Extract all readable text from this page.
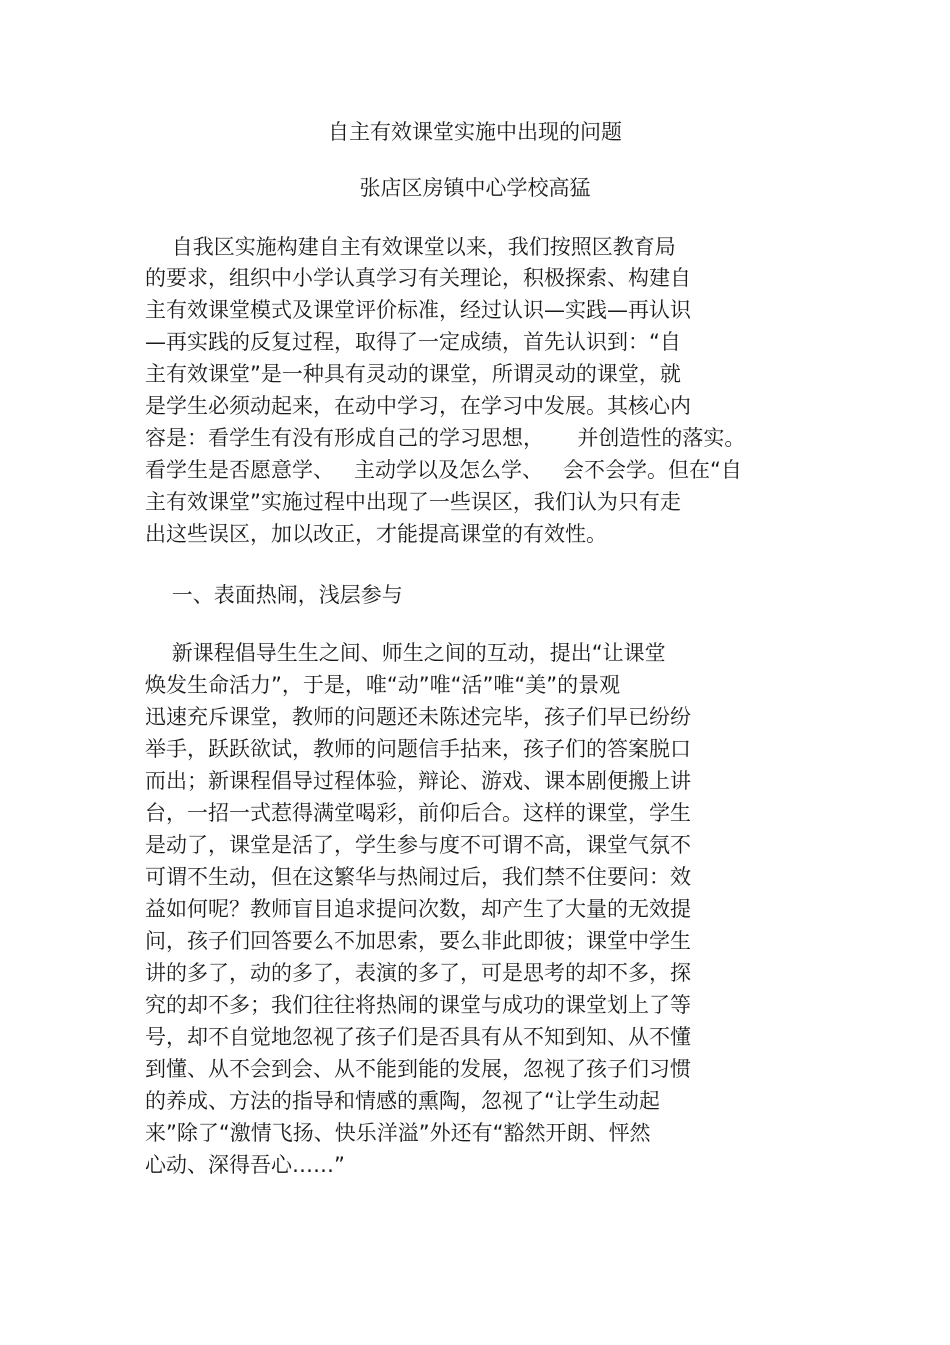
自主有效课堂实施中出现的问题
张店区房镇中心学校高猛

自我区实施构建自主有效课堂以来，我们按照区教育局

的要求，组织中小学认真学习有关理论，积极探索、构建自

主有效课堂模式及课堂评价标准，经过认识—实践—再认识

—再实践的反复过程，取得了一定成绩，首先认识到：“自

主有效课堂”是一种具有灵动的课堂，所谓灵动的课堂，就

是学生必须动起来，在动中学习，在学习中发展。其核心内

容是：看学生有没有形成自己的学习思想，     并创造性的落实。

看学生是否愿意学、   主动学以及怎么学、   会不会学。但在“自

主有效课堂”实施过程中出现了一些误区，我们认为只有走

出这些误区，加以改正，才能提高课堂的有效性。

一、表面热闹，浅层参与

新课程倡导生生之间、师生之间的互动，提出“让课堂

焕发生命活力”，于是，唯“动”唯“活”唯“美”的景观

迅速充斥课堂，教师的问题还未陈述完毕，孩子们早已纷纷

举手，跃跃欲试，教师的问题信手拈来，孩子们的答案脱口

而出；新课程倡导过程体验，辩论、游戏、课本剧便搬上讲

台，一招一式惹得满堂喝彩，前仰后合。这样的课堂，学生

是动了，课堂是活了，学生参与度不可谓不高，课堂气氛不

可谓不生动，但在这繁华与热闹过后，我们禁不住要问：效

益如何呢？教师盲目追求提问次数，却产生了大量的无效提

问，孩子们回答要么不加思索，要么非此即彼；课堂中学生

讲的多了，动的多了，表演的多了，可是思考的却不多，探

究的却不多；我们往往将热闹的课堂与成功的课堂划上了等

号，却不自觉地忽视了孩子们是否具有从不知到知、从不懂

到懂、从不会到会、从不能到能的发展，忽视了孩子们习惯

的养成、方法的指导和情感的熏陶，忽视了“让学生动起

来”除了“激情飞扬、快乐洋溢”外还有“豁然开朗、怦然

心动、深得吾心……”
